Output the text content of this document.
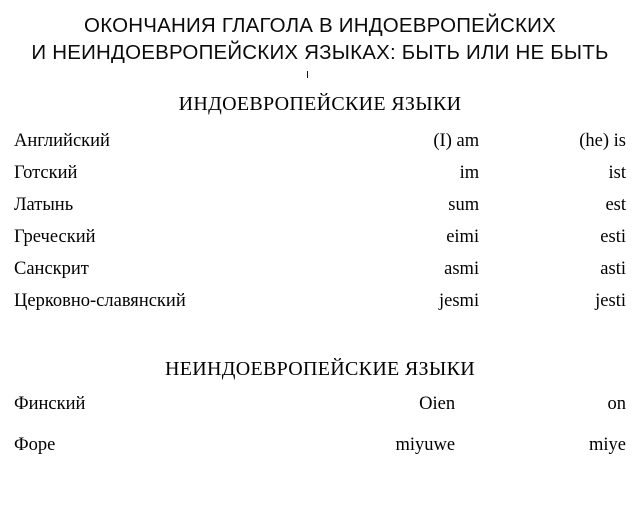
ОКОНЧАНИЯ ГЛАГОЛА В ИНДОЕВРОПЕЙСКИХ
И НЕИНДОЕВРОПЕЙСКИХ ЯЗЫКАХ: БЫТЬ ИЛИ НЕ БЫТЬ
ИНДОЕВРОПЕЙСКИЕ ЯЗЫКИ
Английский	(I) am	(he) is
Готский	im	ist
Латынь	sum	est
Греческий	eimi	esti
Санскрит	asmi	asti
Церковно-славянский	jesmi	jesti
НЕИНДОЕВРОПЕЙСКИЕ ЯЗЫКИ
Финский	Oien	on
Форе	miyuwe	miye
